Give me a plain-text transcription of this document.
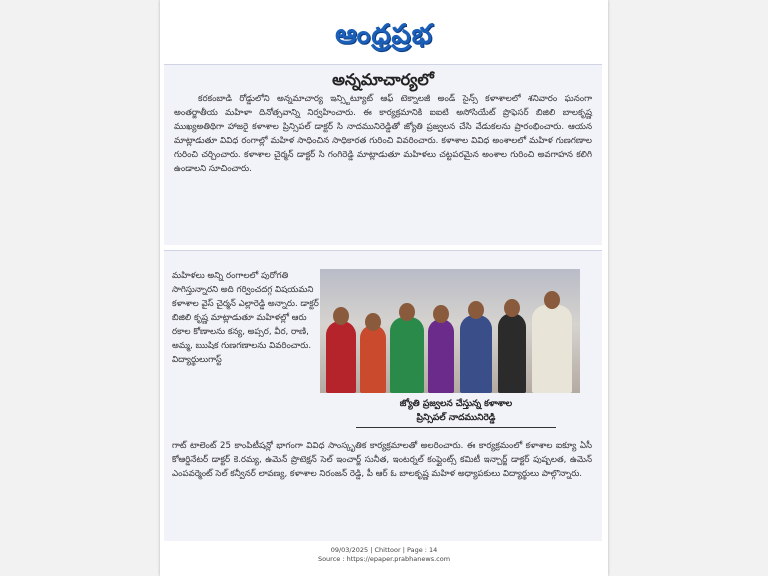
ఆంధ్రప్రభ
అన్నమాచార్యలో
కరకంబాడి రోడ్డులోని అన్నమాచార్య ఇన్స్టిట్యూట్ ఆఫ్ టెక్నాలజీ అండ్ సైన్స్ కళాశాలలో శనివారం ఘనంగా అంతర్జాతీయ మహిళా దినోత్సవాన్ని నిర్వహించారు. ఈ కార్యక్రమానికి ఐఐటి అసోసియేట్ ప్రొఫెసర్ బిజిలి బాలకృష్ణ ముఖ్యఅతిథిగా హాజరై కళాశాల ప్రిన్సిపల్ డాక్టర్ సి నాదమునిరెడ్డితో జ్యోతి ప్రజ్వలన చేసి వేడుకలను ప్రారంభించారు. ఆయన మాట్లాడుతూ వివిధ రంగాల్లో మహిళ సాధించిన సాధికారత గురించి వివరించారు. కళాశాల వివిధ అంశాలలో మహిళ గుణగణాల గురించి చర్చించారు. కళాశాల చైర్మన్ డాక్టర్ సి గంగిరెడ్డి మాట్లాడుతూ మహిళలు చట్టపరమైన అంశాల గురించి అవగాహన కలిగి ఉండాలని సూచించారు.
మహిళలు అన్ని రంగాలలో పురోగతి సాగిస్తున్నారని అది గర్వించదగ్గ విషయమని కళాశాల వైస్ చైర్మన్ ఎల్లారెడ్డి అన్నారు. డాక్టర్ బిజిలి కృష్ణ మాట్లాడుతూ మహిళల్లో ఆరు రకాల కోణాలను కన్య, అప్సర, వీర, రాణి, అమ్మ, ఋషిక గుణగణాలను వివరించారు. విద్యార్థులుగాస్ట్
జ్యోతి ప్రజ్వలన చేస్తున్న కళాశాల
ప్రిన్సిపల్ నాదమునిరెడ్డి
గాట్ టాలెంట్ 25 కాంపిటీషన్లో భాగంగా వివిధ సాంస్కృతిక కార్యక్రమాలతో అలరించారు. ఈ కార్యక్రమంలో కళాశాల ఐక్యూ ఏసీ కోఆర్డినేటర్ డాక్టర్ కె.రమ్య, ఉమెన్ ప్రొటెక్షన్ సెల్ ఇంచార్జ్ సునీత, ఇంటర్నల్ కంప్లైంట్స్ కమిటీ ఇన్చార్జ్ డాక్టర్ పుష్పలత, ఉమెన్ ఎంపవర్మెంట్ సెల్ కన్వీనర్ లావణ్య, కళాశాల నిరంజన్ రెడ్డి, పీ ఆర్ ఓ బాలకృష్ణ మహిళ అధ్యాపకులు విద్యార్థులు పాల్గొన్నారు.
09/03/2025 | Chittoor | Page : 14
Source : https://epaper.prabhanews.com
